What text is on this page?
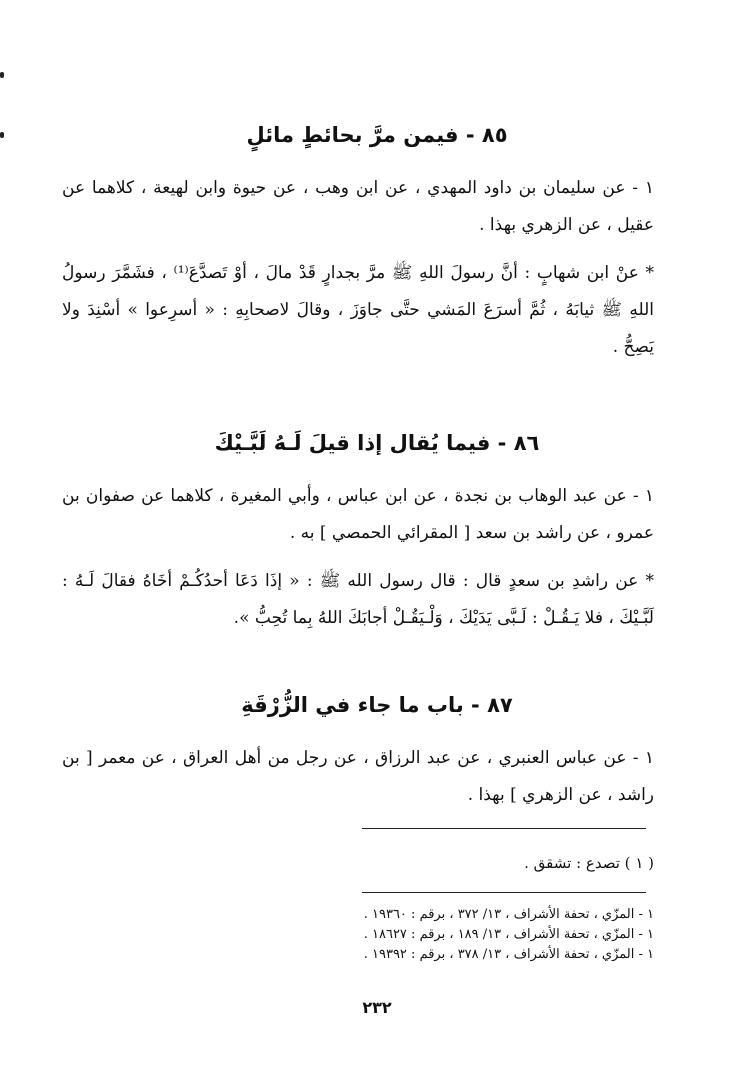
٨٥ - فيمن مرَّ بحائطٍ مائلٍ

١ - عن سليمان بن داود المهدي ، عن ابن وهب ، عن حيوة وابن لهيعة ، كلاهما عن عقيل ، عن الزهري بهذا .

* عنْ ابن شهابٍ : أنَّ رسولَ اللهِ ﷺ مرَّ بجدارٍ قَدْ مالَ ، أوْ تَصدَّعَ⁽¹⁾ ، فشَمَّرَ رسولُ اللهِ ﷺ ثيابَهُ ، ثُمَّ أسرَعَ المَشي حتَّى جاوَزَ ، وقالَ لاصحابِهِ : « أسرِعوا » أسْنِدَ ولا يَصِحُّ .

٨٦ - فيما يُقال إذا قيلَ لَـهُ لَبَّـيْكَ

١ - عن عبد الوهاب بن نجدة ، عن ابن عباس ، وأبي المغيرة ، كلاهما عن صفوان بن عمرو ، عن راشد بن سعد [ المقرائي الحمصي ] به .

* عن راشدِ بن سعدٍ قال : قال رسول الله ﷺ : « إذَا دَعَا أحدُكُـمْ أخَاهُ فقالَ لَـهُ : لَبَّـيْكَ ، فلا يَـقُـلْ : لَـبَّى يَدَيْكَ ، وَلْـيَقُـلْ أجابَكَ اللهُ بِما تُحِبُّ ».

٨٧ - باب ما جاء في الزُّرْقَةِ

١ - عن عباس العنبري ، عن عبد الرزاق ، عن رجل من أهل العراق ، عن معمر [ بن راشد ، عن الزهري ] بهذا .

( ١ ) تصدع : تشقق .
١ - المزّي ، تحفة الأشراف ، ١٣/ ٣٧٢ ، برقم : ١٩٣٦٠ .
١ - المزّي ، تحفة الأشراف ، ١٣/ ١٨٩ ، برقم : ١٨٦٢٧ .
١ - المزّي ، تحفة الأشراف ، ١٣/ ٣٧٨ ، برقم : ١٩٣٩٢ .
٢٣٢
